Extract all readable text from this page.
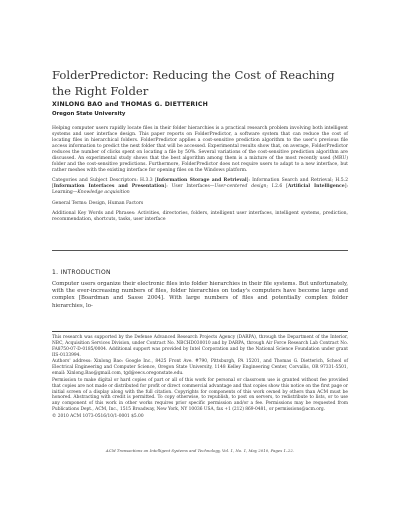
FolderPredictor: Reducing the Cost of Reaching the Right Folder
XINLONG BAO and THOMAS G. DIETTERICH
Oregon State University

Helping computer users rapidly locate files in their folder hierarchies is a practical research problem involving both intelligent systems and user interface design. This paper reports on FolderPredictor, a software system that can reduce the cost of locating files in hierarchical folders. FolderPredictor applies a cost-sensitive prediction algorithm to the user's previous file access information to predict the next folder that will be accessed. Experimental results show that, on average, FolderPredictor reduces the number of clicks spent on locating a file by 50%. Several variations of the cost-sensitive prediction algorithm are discussed. An experimental study shows that the best algorithm among them is a mixture of the most recently used (MRU) folder and the cost-sensitive predictions. Furthermore, FolderPredictor does not require users to adapt to a new interface, but rather meshes with the existing interface for opening files on the Windows platform.

Categories and Subject Descriptors: H.3.3 [Information Storage and Retrieval]: Information Search and Retrieval; H.5.2 [Information Interfaces and Presentation]: User Interfaces—User-centered design; I.2.6 [Artificial Intelligence]: Learning—Knowledge acquisition

General Terms: Design, Human Factors

Additional Key Words and Phrases: Activities, directories, folders, intelligent user interfaces, intelligent systems, prediction, recommendation, shortcuts, tasks, user interface

1. INTRODUCTION

Computer users organize their electronic files into folder hierarchies in their file systems. But unfortunately, with the ever-increasing numbers of files, folder hierarchies on today's computers have become large and complex [Boardman and Sasse 2004]. With large numbers of files and potentially complex folder hierarchies, lo-

This research was supported by the Defense Advanced Research Projects Agency (DARPA), through the Department of the Interior, NBC, Acquisition Services Division, under Contract No. NBCHD030010 and by DARPA, through Air Force Research Lab Contract No. FA8750-07-D-0185/0004. Additional support was provided by Intel Corporation and by the National Science Foundation under grant IIS-0133994.

Authors' address: Xinlong Bao: Google Inc., 8425 Front Ave. #790, Pittsburgh, PA 15201, and Thomas G. Dietterich, School of Electrical Engineering and Computer Science, Oregon State University, 1148 Kelley Engineering Center, Corvallis, OR 97331-5501, email: Xinlong.Bao@gmail.com, tgd@eecs.oregonstate.edu.

Permission to make digital or hard copies of part or all of this work for personal or classroom use is granted without fee provided that copies are not made or distributed for profit or direct commercial advantage and that copies show this notice on the first page or initial screen of a display along with the full citation. Copyrights for components of this work owned by others than ACM must be honored. Abstracting with credit is permitted. To copy otherwise, to republish, to post on servers, to redistribute to lists, or to use any component of this work in other works requires prior specific permission and/or a fee. Permissions may be requested from Publications Dept., ACM, Inc., 1515 Broadway, New York, NY 10036 USA, fax +1 (212) 869-0481, or permissions@acm.org.

© 2010 ACM 1073-0516/10/1-0001 $5.00

ACM Transactions on Intelligent Systems and Technology, Vol. 1, No. 1, May 2010, Pages 1–22.
